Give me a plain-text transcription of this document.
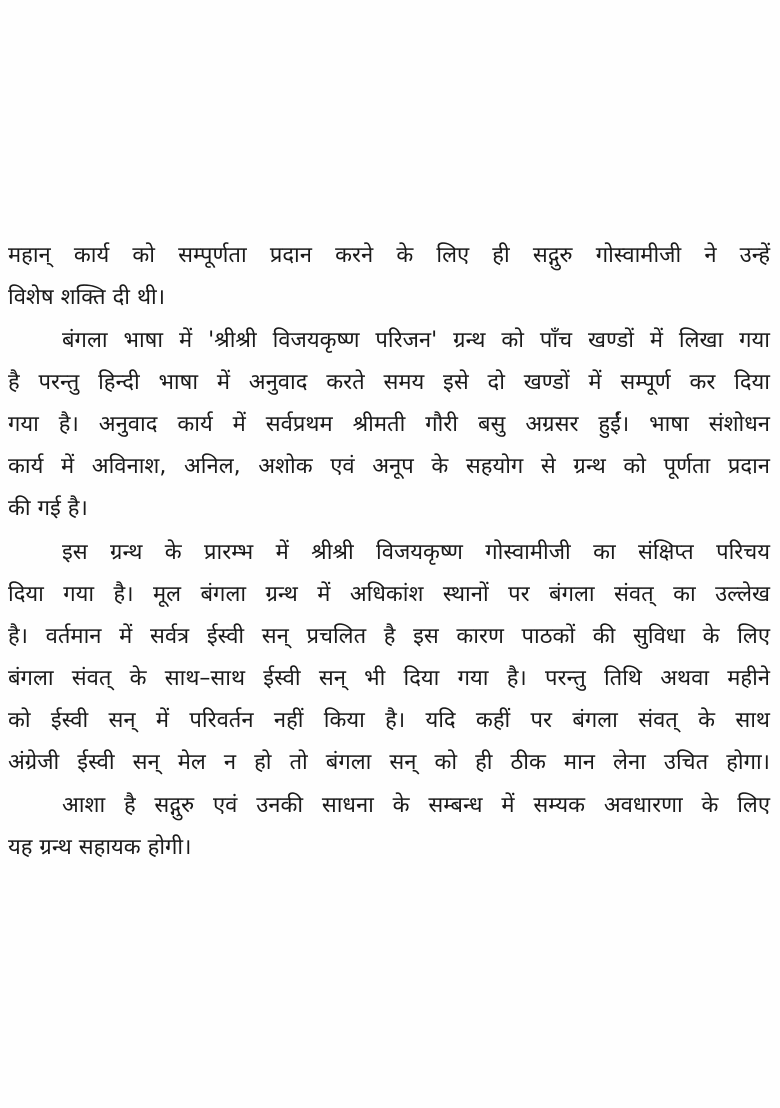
महान् कार्य को सम्पूर्णता प्रदान करने के लिए ही सद्गुरु गोस्वामीजी ने उन्हें
विशेष शक्ति दी थी।
बंगला भाषा में 'श्रीश्री विजयकृष्ण परिजन' ग्रन्थ को पाँच खण्डों में लिखा गया
है परन्तु हिन्दी भाषा में अनुवाद करते समय इसे दो खण्डों में सम्पूर्ण कर दिया
गया है। अनुवाद कार्य में सर्वप्रथम श्रीमती गौरी बसु अग्रसर हुईं। भाषा संशोधन
कार्य में अविनाश, अनिल, अशोक एवं अनूप के सहयोग से ग्रन्थ को पूर्णता प्रदान
की गई है।
इस ग्रन्थ के प्रारम्भ में श्रीश्री विजयकृष्ण गोस्वामीजी का संक्षिप्त परिचय
दिया गया है। मूल बंगला ग्रन्थ में अधिकांश स्थानों पर बंगला संवत् का उल्लेख
है। वर्तमान में सर्वत्र ईस्वी सन् प्रचलित है इस कारण पाठकों की सुविधा के लिए
बंगला संवत् के साथ–साथ ईस्वी सन् भी दिया गया है। परन्तु तिथि अथवा महीने
को ईस्वी सन् में परिवर्तन नहीं किया है। यदि कहीं पर बंगला संवत् के साथ
अंग्रेजी ईस्वी सन् मेल न हो तो बंगला सन् को ही ठीक मान लेना उचित होगा।
आशा है सद्गुरु एवं उनकी साधना के सम्बन्ध में सम्यक अवधारणा के लिए
यह ग्रन्थ सहायक होगी।
